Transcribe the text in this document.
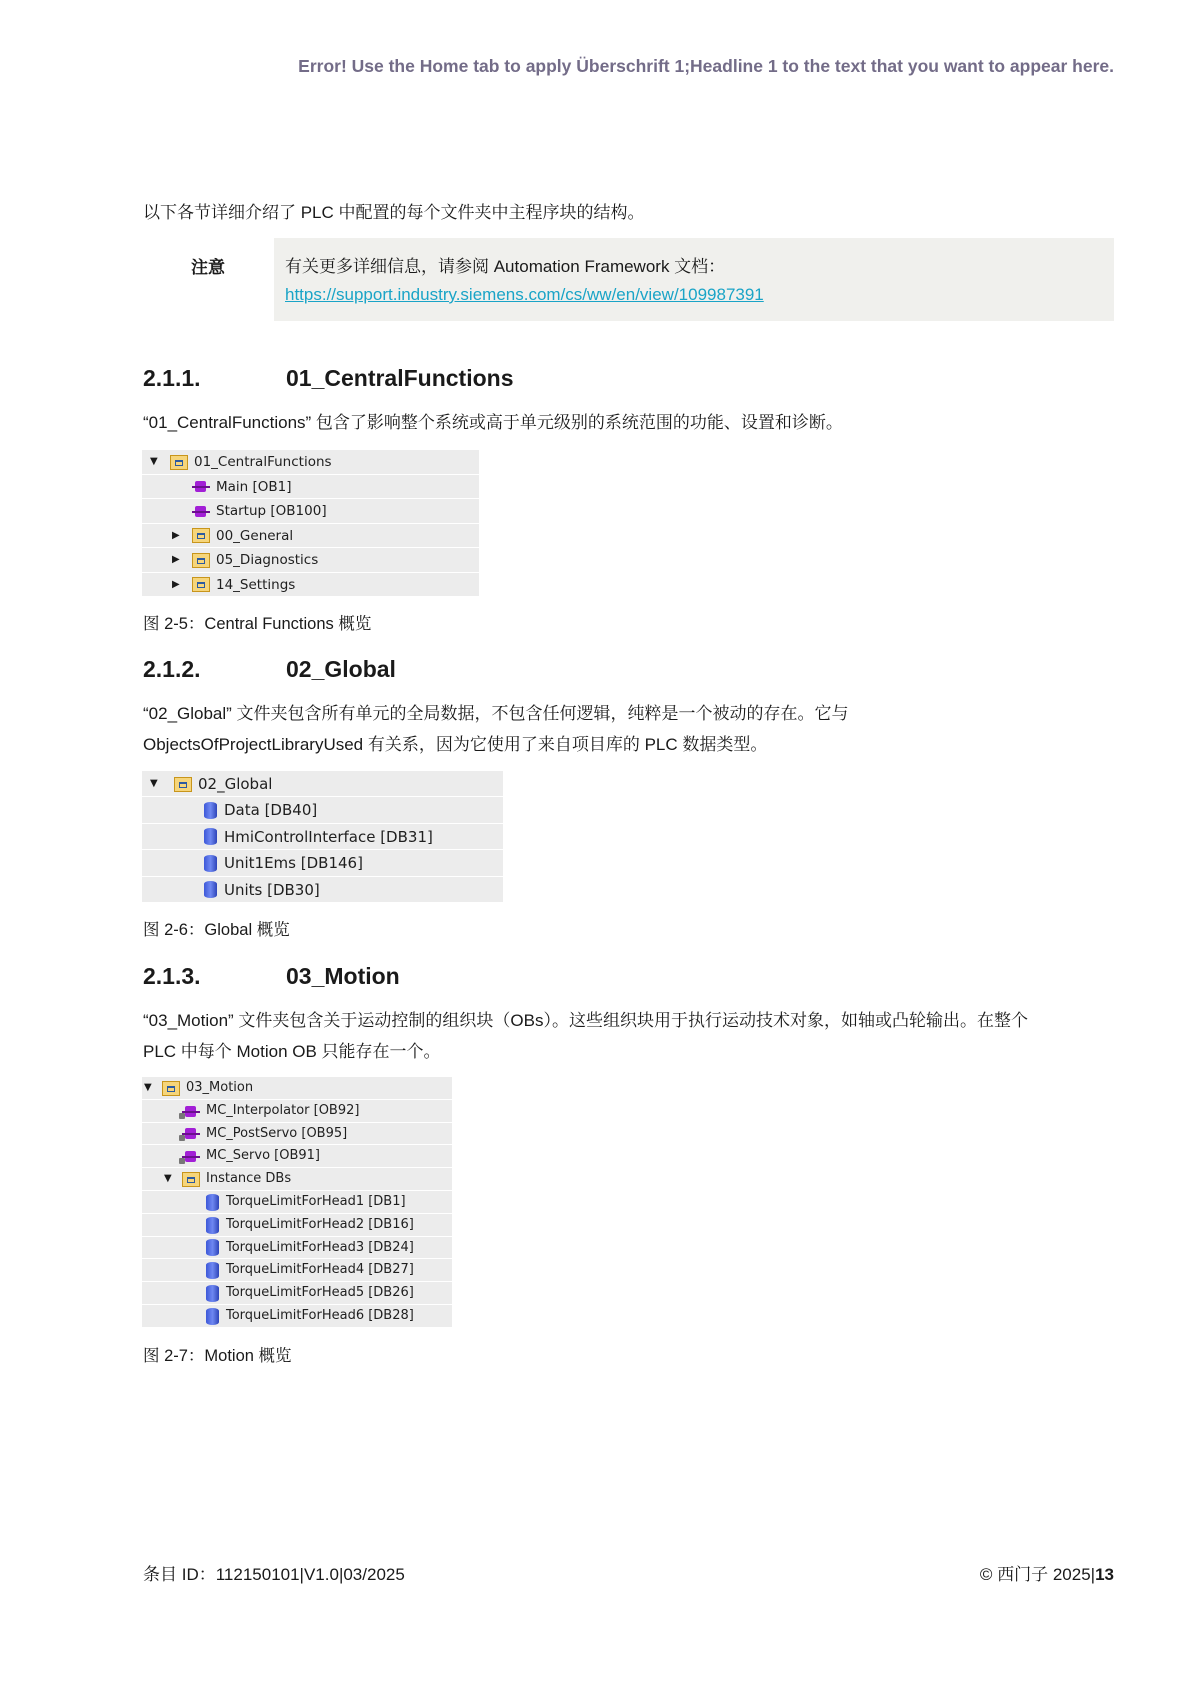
Error! Use the Home tab to apply Überschrift 1;Headline 1 to the text that you want to appear here.
以下各节详细介绍了 PLC 中配置的每个文件夹中主程序块的结构。
注意	有关更多详细信息，请参阅 Automation Framework 文档：
https://support.industry.siemens.com/cs/ww/en/view/109987391
2.1.1.	01_CentralFunctions
“01_CentralFunctions” 包含了影响整个系统或高于单元级别的系统范围的功能、设置和诊断。
▼	01_CentralFunctions
Main [OB1]
Startup [OB100]
▶	00_General
▶	05_Diagnostics
▶	14_Settings
图 2-5：Central Functions 概览
2.1.2.	02_Global
“02_Global” 文件夹包含所有单元的全局数据，不包含任何逻辑，纯粹是一个被动的存在。它与
ObjectsOfProjectLibraryUsed 有关系，因为它使用了来自项目库的 PLC 数据类型。
▼	02_Global
Data [DB40]
HmiControlInterface [DB31]
Unit1Ems [DB146]
Units [DB30]
图 2-6：Global 概览
2.1.3.	03_Motion
“03_Motion” 文件夹包含关于运动控制的组织块（OBs）。这些组织块用于执行运动技术对象，如轴或凸轮输出。在整个
PLC 中每个 Motion OB 只能存在一个。
▼	03_Motion
MC_Interpolator [OB92]
MC_PostServo [OB95]
MC_Servo [OB91]
▼	Instance DBs
TorqueLimitForHead1 [DB1]
TorqueLimitForHead2 [DB16]
TorqueLimitForHead3 [DB24]
TorqueLimitForHead4 [DB27]
TorqueLimitForHead5 [DB26]
TorqueLimitForHead6 [DB28]
图 2-7：Motion 概览
条目 ID：112150101|V1.0|03/2025	© 西门子 2025|13
